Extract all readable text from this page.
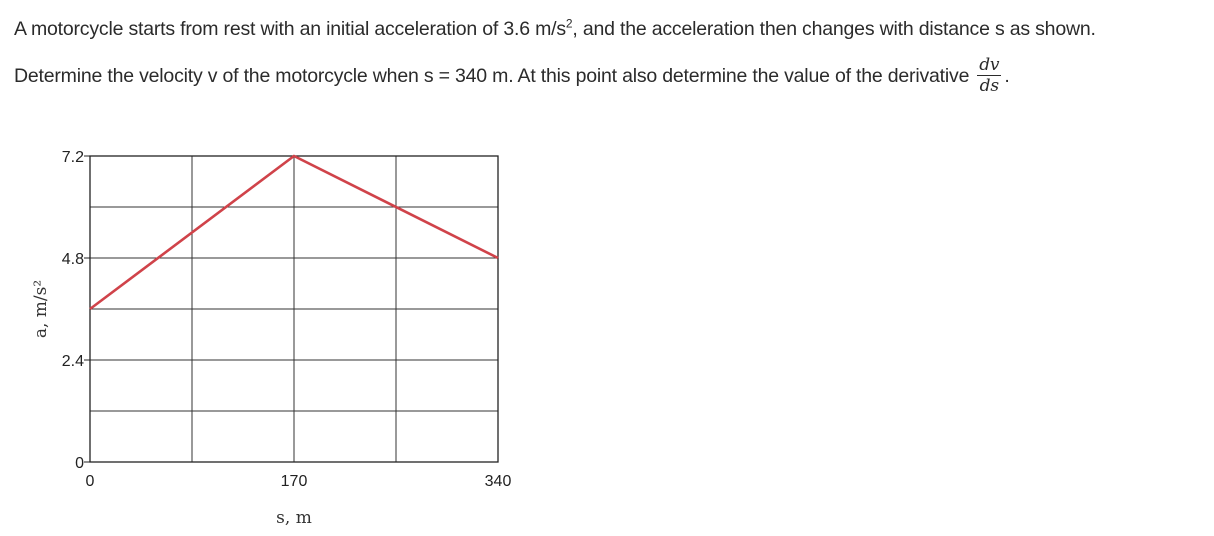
A motorcycle starts from rest with an initial acceleration of 3.6 $m/s^2$, and the acceleration then changes with distance s as shown.
Determine the velocity v of the motorcycle when s = 340 m. At this point also determine the value of the derivative $\frac{dv}{ds}$ .
0
2.4
4.8
7.2
0	170	340
s, m
a, m/s²
